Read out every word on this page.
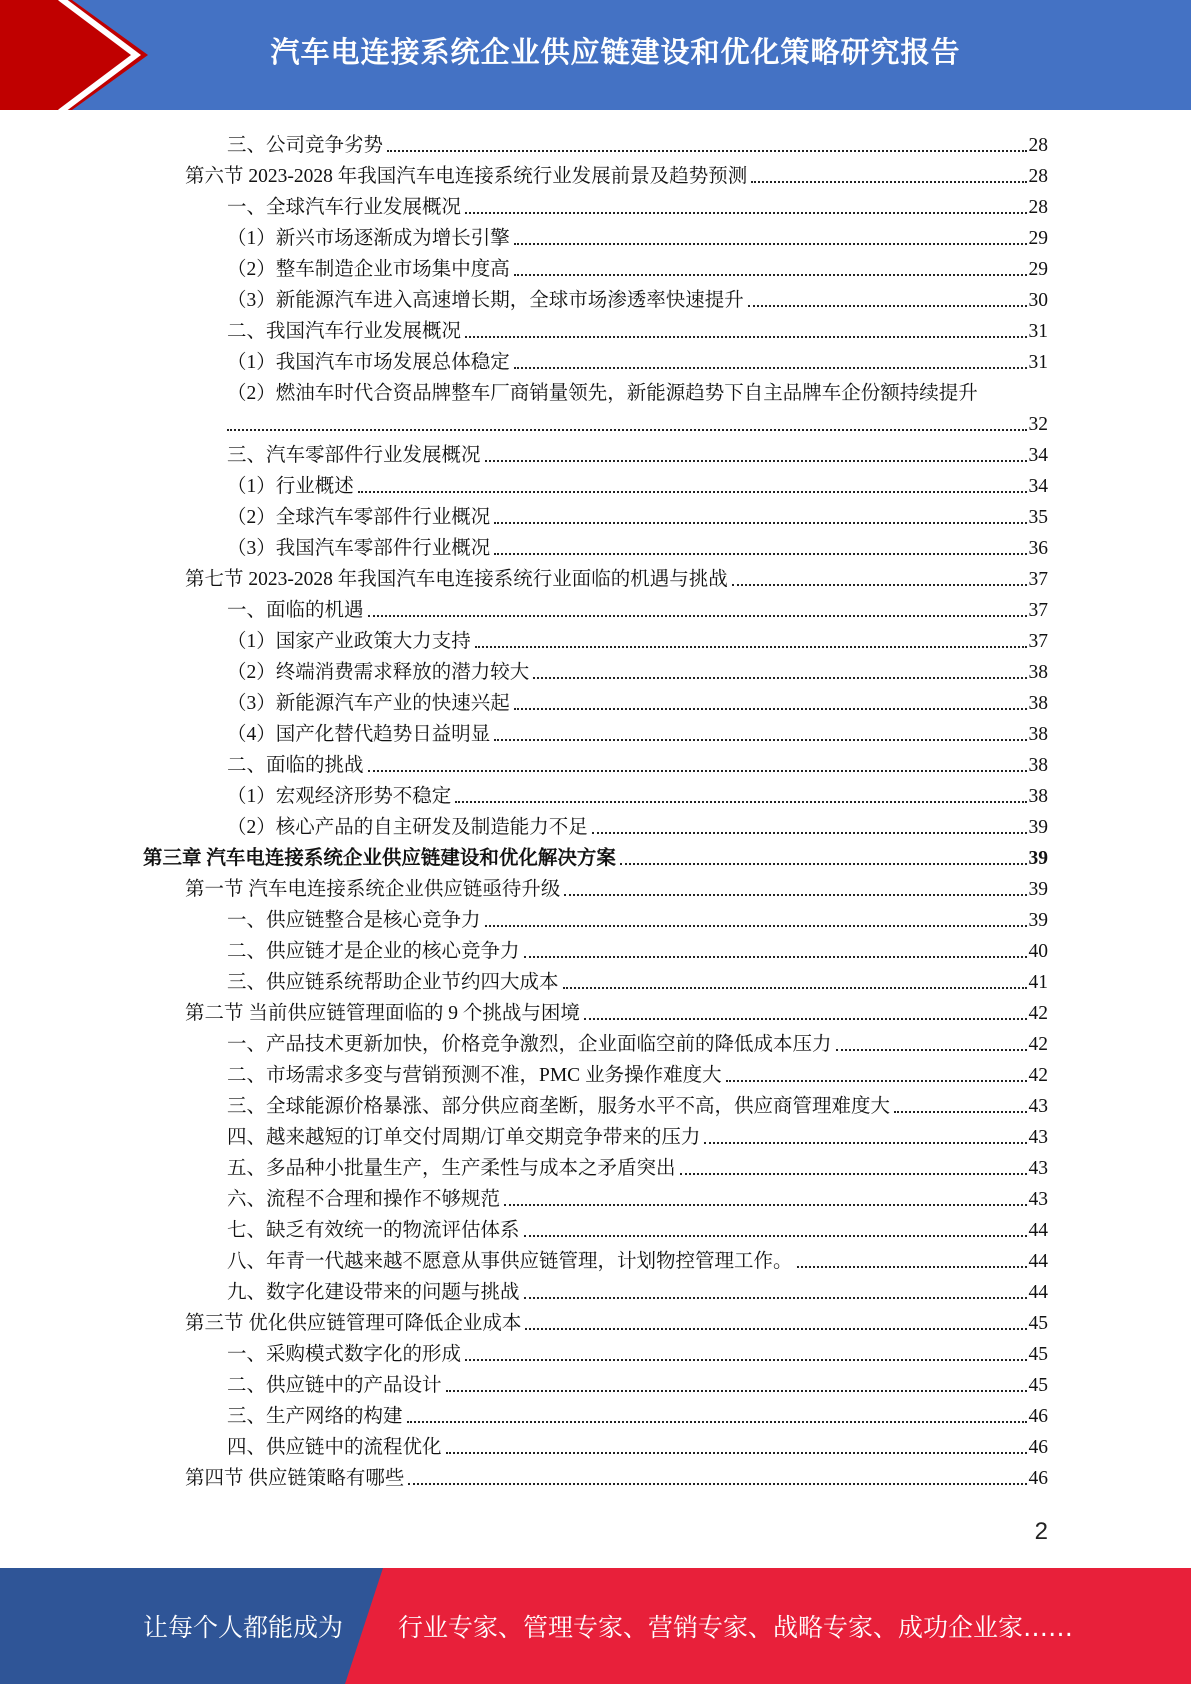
汽车电连接系统企业供应链建设和优化策略研究报告
三、公司竞争劣势	28
第六节 2023-2028 年我国汽车电连接系统行业发展前景及趋势预测	28
一、全球汽车行业发展概况	28
（1）新兴市场逐渐成为增长引擎	29
（2）整车制造企业市场集中度高	29
（3）新能源汽车进入高速增长期，全球市场渗透率快速提升	30
二、我国汽车行业发展概况	31
（1）我国汽车市场发展总体稳定	31
（2）燃油车时代合资品牌整车厂商销量领先，新能源趋势下自主品牌车企份额持续提升
32
三、汽车零部件行业发展概况	34
（1）行业概述	34
（2）全球汽车零部件行业概况	35
（3）我国汽车零部件行业概况	36
第七节 2023-2028 年我国汽车电连接系统行业面临的机遇与挑战	37
一、面临的机遇	37
（1）国家产业政策大力支持	37
（2）终端消费需求释放的潜力较大	38
（3）新能源汽车产业的快速兴起	38
（4）国产化替代趋势日益明显	38
二、面临的挑战	38
（1）宏观经济形势不稳定	38
（2）核心产品的自主研发及制造能力不足	39
第三章 汽车电连接系统企业供应链建设和优化解决方案	39
第一节 汽车电连接系统企业供应链亟待升级	39
一、供应链整合是核心竞争力	39
二、供应链才是企业的核心竞争力	40
三、供应链系统帮助企业节约四大成本	41
第二节 当前供应链管理面临的 9 个挑战与困境	42
一、产品技术更新加快，价格竞争激烈，企业面临空前的降低成本压力	42
二、市场需求多变与营销预测不准，PMC 业务操作难度大	42
三、全球能源价格暴涨、部分供应商垄断，服务水平不高，供应商管理难度大	43
四、越来越短的订单交付周期/订单交期竞争带来的压力	43
五、多品种小批量生产，生产柔性与成本之矛盾突出	43
六、流程不合理和操作不够规范	43
七、缺乏有效统一的物流评估体系	44
八、年青一代越来越不愿意从事供应链管理，计划物控管理工作。	44
九、数字化建设带来的问题与挑战	44
第三节 优化供应链管理可降低企业成本	45
一、采购模式数字化的形成	45
二、供应链中的产品设计	45
三、生产网络的构建	46
四、供应链中的流程优化	46
第四节 供应链策略有哪些	46
2
让每个人都能成为 行业专家、管理专家、营销专家、战略专家、成功企业家……
